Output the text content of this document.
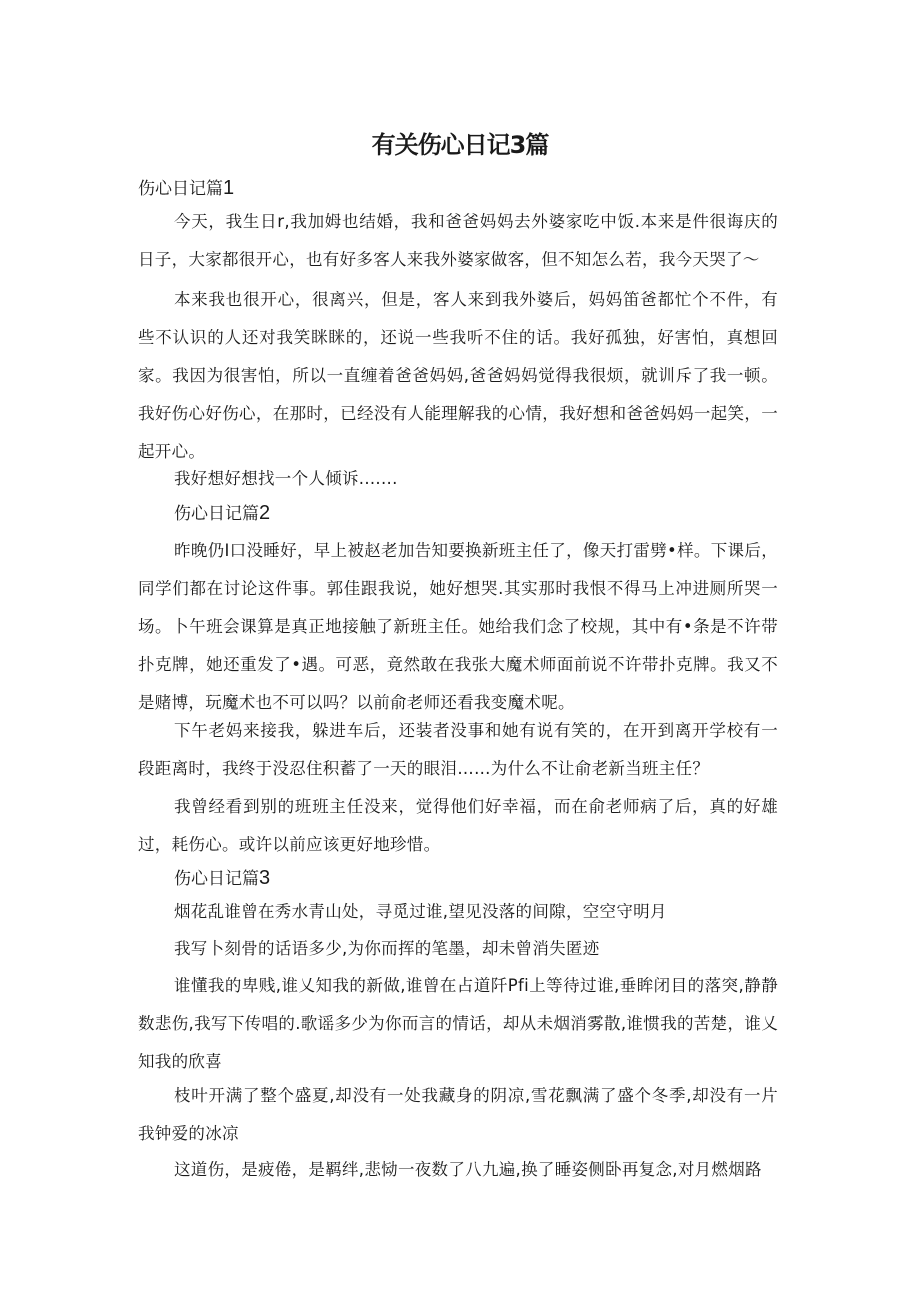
有关伤心日记3篇
伤心日记篇1
今天，我生日r,我加姆也结婚，我和爸爸妈妈去外婆家吃中饭.本来是件很诲庆的日子，大家都很开心，也有好多客人来我外婆家做客，但不知怎么若，我今天哭了～
本来我也很开心，很离兴，但是，客人来到我外婆后，妈妈笛爸都忙个不件，有些不认识的人还对我笑眯眯的，还说一些我听不住的话。我好孤独，好害怕，真想回家。我因为很害怕，所以一直缠着爸爸妈妈,爸爸妈妈觉得我很烦，就训斥了我一顿。我好伤心好伤心，在那时，已经没有人能理解我的心情，我好想和爸爸妈妈一起笑，一起开心。
我好想好想找一个人倾诉.......
伤心日记篇2
昨晚仍I口没睡好，早上被赵老加告知要换新班主任了，像天打雷劈•样。下课后，同学们都在讨论这件事。郭佳跟我说，她好想哭.其实那时我恨不得马上冲进厕所哭一场。卜午班会课算是真正地接触了新班主任。她给我们念了校规，其中有•条是不许带扑克牌，她还重发了•遇。可恶，竟然敢在我张大魔术师面前说不许带扑克牌。我又不是赌博，玩魔术也不可以吗？以前俞老师还看我变魔术呢。
下午老妈来接我，躲进车后，还装者没事和她有说有笑的，在开到离开学校有一段距离时，我终于没忍住积蓄了一天的眼泪……为什么不让俞老新当班主任？
我曾经看到别的班班主任没来，觉得他们好幸福，而在俞老师病了后，真的好雄过，耗伤心。或许以前应该更好地珍惜。
伤心日记篇3
烟花乱谁曾在秀水青山处，寻觅过谁,望见没落的间隙，空空守明月
我写卜刻骨的话语多少,为你而挥的笔墨，却未曾消失匿迹
谁懂我的卑贱,谁乂知我的新做,谁曾在占道阡Pfi上等待过谁,垂眸闭目的落突,静静数悲伤,我写下传唱的.歌谣多少为你而言的情话，却从未烟消雾散,谁惯我的苦楚，谁乂知我的欣喜
枝叶开满了整个盛夏,却没有一处我藏身的阴凉,雪花飘满了盛个冬季,却没有一片我钟爱的冰凉
这道伤，是疲倦，是羁绊,悲恸一夜数了八九遍,换了睡姿侧卧再复念,对月燃烟路
